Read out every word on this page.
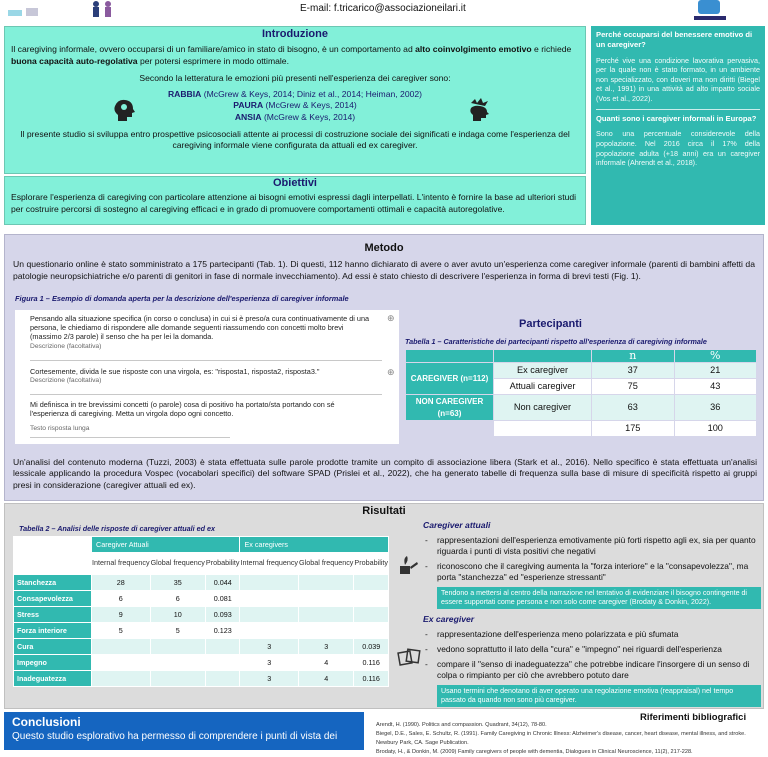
E-mail: f.tricarico@associazioneilari.it
Introduzione
Il caregiving informale, ovvero occuparsi di un familiare/amico in stato di bisogno, è un comportamento ad alto coinvolgimento emotivo e richiede buona capacità auto-regolativa per potersi esprimere in modo ottimale.
Secondo la letteratura le emozioni più presenti nell'esperienza dei caregiver sono:
RABBIA (McGrew & Keys, 2014; Diniz et al., 2014; Heiman, 2002)
PAURA (McGrew & Keys, 2014)
ANSIA (McGrew & Keys, 2014)
Il presente studio si sviluppa entro prospettive psicosociali attente ai processi di costruzione sociale dei significati e indaga come l'esperienza del caregiving informale viene configurata da attuali ed ex caregiver.
Obiettivi
Esplorare l'esperienza di caregiving con particolare attenzione ai bisogni emotivi espressi dagli interpellati. L'intento è fornire la base ad ulteriori studi per costruire percorsi di sostegno al caregiving efficaci e in grado di promuovere comportamenti ottimali e capacità autoregolative.
Perché occuparsi del benessere emotivo di un caregiver?
Perché vive una condizione lavorativa pervasiva, per la quale non è stato formato, in un ambiente non specializzato, con doveri ma non diritti (Biegel et al., 1991) in una attività ad alto impatto sociale (Vos et al., 2022).
Quanti sono i caregiver informali in Europa?
Sono una percentuale considerevole della popolazione. Nel 2016 circa il 17% della popolazione adulta (+18 anni) era un caregiver informale (Ahrendt et al., 2018).
Metodo
Un questionario online è stato somministrato a 175 partecipanti (Tab. 1). Di questi, 112 hanno dichiarato di avere o aver avuto un'esperienza come caregiver informale (parenti di bambini affetti da patologie neuropsichiatriche e/o parenti di genitori in fase di normale invecchiamento). Ad essi è stato chiesto di descrivere l'esperienza in forma di brevi testi (Fig. 1).
Figura 1 – Esempio di domanda aperta per la descrizione dell'esperienza di caregiver informale
Pensando alla situazione specifica (in corso o conclusa) in cui si è preso/a cura continuativamente di una persona, le chiediamo di rispondere alle domande seguenti riassumendo con concetti molto brevi (massimo 2/3 parole) il senso che ha per lei la domanda.
Descrizione (facoltativa)
⊕
Cortesemente, divida le sue risposte con una virgola, es: "risposta1, risposta2, risposta3."
Descrizione (facoltativa)
⊕
Mi definisca in tre brevissimi concetti (o parole) cosa di positivo ha portato/sta portando con sé l'esperienza di caregiving. Metta un virgola dopo ogni concetto.
Testo risposta lunga
Partecipanti
Tabella 1 – Caratteristiche dei partecipanti rispetto all'esperienza di caregiving informale
		n	%
CAREGIVER (n=112)	Ex caregiver	37	21
	Attuali caregiver	75	43
NON CAREGIVER (n=63)	Non caregiver	63	36
		175	100
Un'analisi del contenuto moderna (Tuzzi, 2003) è stata effettuata sulle parole prodotte tramite un compito di associazione libera (Stark et al., 2016). Nello specifico è stata effettuata un'analisi lessicale applicando la procedura Vospec (vocabolari specifici) del software SPAD (Prislei et al., 2022), che ha generato tabelle di frequenza sulla base di misure di specificità rispetto ai gruppi presi in considerazione (caregiver attuali ed ex).
Risultati
Tabella 2 – Analisi delle risposte di caregiver attuali ed ex
	Caregiver Attuali			Ex caregivers		
	Internal frequency	Global frequency	Probability	Internal frequency	Global frequency	Probability
Stanchezza	28	35	0.044			
Consapevolezza	6	6	0.081			
Stress	9	10	0.093			
Forza interiore	5	5	0.123			
Cura				3	3	0.039
Impegno				3	4	0.116
Inadeguatezza				3	4	0.116
Caregiver attuali
- rappresentazioni dell'esperienza emotivamente più forti rispetto agli ex, sia per quanto riguarda i punti di vista positivi che negativi
- riconoscono che il caregiving aumenta la "forza interiore" e la "consapevolezza", ma porta "stanchezza" ed "esperienze stressanti"
Tendono a mettersi al centro della narrazione nel tentativo di evidenziare il bisogno contingente di essere supportati come persona e non solo come caregiver (Brodaty & Donkin, 2022).
Ex caregiver
- rappresentazione dell'esperienza meno polarizzata e più sfumata
- vedono soprattutto il lato della "cura" e "impegno" nei riguardi dell'esperienza
- compare il "senso di inadeguatezza" che potrebbe indicare l'insorgere di un senso di colpa o rimpianto per ciò che avrebbero potuto dare
Usano termini che denotano di aver operato una regolazione emotiva (reappraisal) nel tempo passato da quando non sono più caregiver.
Conclusioni
Questo studio esplorativo ha permesso di comprendere i punti di vista dei
Riferimenti bibliografici
Arendt, H. (1990). Politics and compassion. Quadrant, 34(12), 78-80.
Biegel, D.E., Sales, E. Schultz, R. (1991). Family Caregiving in Chronic Illness: Alzheimer's disease, cancer, heart disease, mental illness, and stroke. Newbury Park, CA. Sage Publication.
Brodaty, H., & Donkin, M. (2009) Family caregivers of people with dementia, Dialogues in Clinical Neuroscience, 11(2), 217-228.
